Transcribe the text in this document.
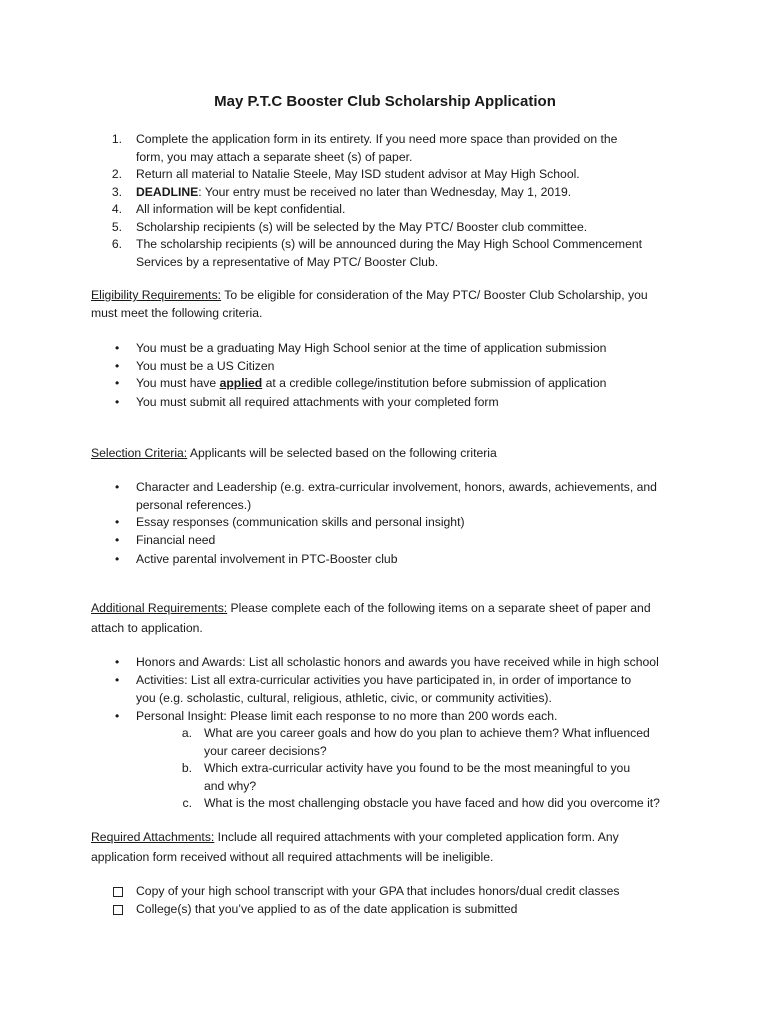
May P.T.C Booster Club Scholarship Application
1. Complete the application form in its entirety. If you need more space than provided on the
form, you may attach a separate sheet (s) of paper.
2. Return all material to Natalie Steele, May ISD student advisor at May High School.
3. DEADLINE: Your entry must be received no later than Wednesday, May 1, 2019.
4. All information will be kept confidential.
5. Scholarship recipients (s) will be selected by the May PTC/ Booster club committee.
6. The scholarship recipients (s) will be announced during the May High School Commencement
Services by a representative of May PTC/ Booster Club.
Eligibility Requirements: To be eligible for consideration of the May PTC/ Booster Club Scholarship, you
must meet the following criteria.
• You must be a graduating May High School senior at the time of application submission
• You must be a US Citizen
• You must have applied at a credible college/institution before submission of application
• You must submit all required attachments with your completed form
Selection Criteria: Applicants will be selected based on the following criteria
• Character and Leadership (e.g. extra-curricular involvement, honors, awards, achievements, and
personal references.)
• Essay responses (communication skills and personal insight)
• Financial need
• Active parental involvement in PTC-Booster club
Additional Requirements: Please complete each of the following items on a separate sheet of paper and
attach to application.
• Honors and Awards: List all scholastic honors and awards you have received while in high school
• Activities: List all extra-curricular activities you have participated in, in order of importance to
you (e.g. scholastic, cultural, religious, athletic, civic, or community activities).
• Personal Insight: Please limit each response to no more than 200 words each.
a. What are you career goals and how do you plan to achieve them? What influenced
your career decisions?
b. Which extra-curricular activity have you found to be the most meaningful to you
and why?
c. What is the most challenging obstacle you have faced and how did you overcome it?
Required Attachments: Include all required attachments with your completed application form. Any
application form received without all required attachments will be ineligible.
Copy of your high school transcript with your GPA that includes honors/dual credit classes
College(s) that you’ve applied to as of the date application is submitted
